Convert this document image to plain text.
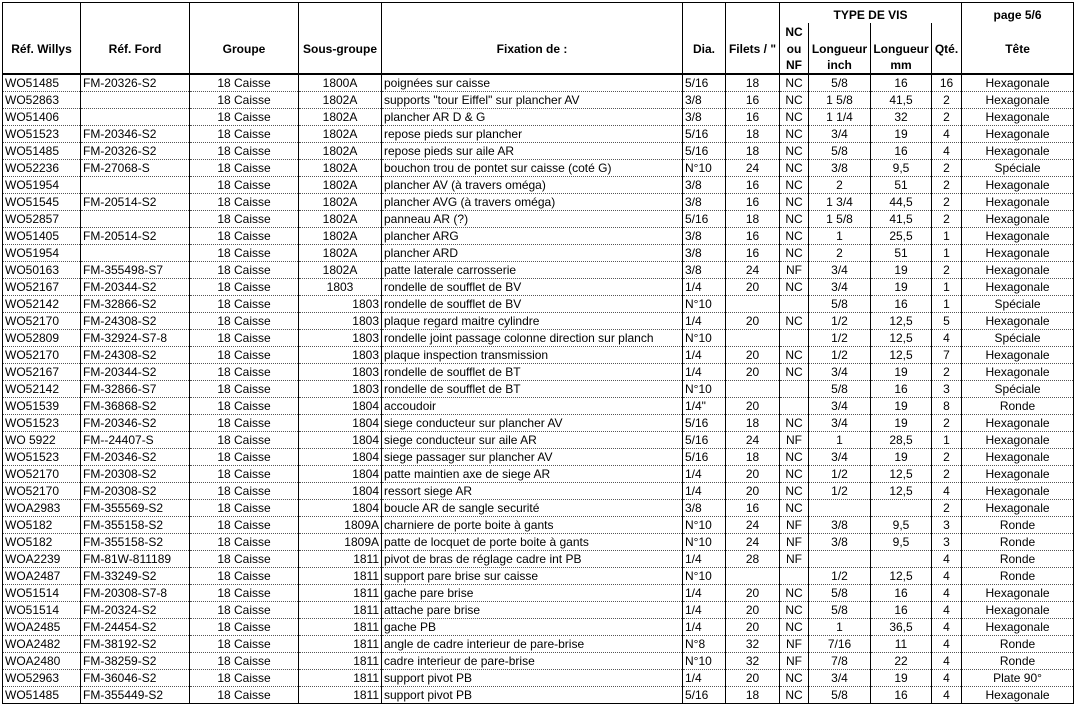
							TYPE DE VIS				page 5/6
							NC				
Réf. Willys	Réf. Ford	Groupe	Sous-groupe	Fixation de :	Dia.	Filets / "	ou	Longueur	Longueur	Qté.	Tête
							NF	inch	mm		
WO51485	FM-20326-S2	18 Caisse	1800A	poignées sur caisse	5/16	18	NC	5/8	16	16	Hexagonale
WO52863		18 Caisse	1802A	supports "tour Eiffel" sur plancher AV	3/8	16	NC	1 5/8	41,5	2	Hexagonale
WO51406		18 Caisse	1802A	plancher AR D & G	3/8	16	NC	1 1/4	32	2	Hexagonale
WO51523	FM-20346-S2	18 Caisse	1802A	repose pieds sur plancher	5/16	18	NC	3/4	19	4	Hexagonale
WO51485	FM-20326-S2	18 Caisse	1802A	repose pieds sur aile AR	5/16	18	NC	5/8	16	4	Hexagonale
WO52236	FM-27068-S	18 Caisse	1802A	bouchon trou de pontet sur caisse (coté G)	N°10	24	NC	3/8	9,5	2	Spéciale
WO51954		18 Caisse	1802A	plancher AV (à travers oméga)	3/8	16	NC	2	51	2	Hexagonale
WO51545	FM-20514-S2	18 Caisse	1802A	plancher AVG (à travers oméga)	3/8	16	NC	1 3/4	44,5	2	Hexagonale
WO52857		18 Caisse	1802A	panneau AR (?)	5/16	18	NC	1 5/8	41,5	2	Hexagonale
WO51405	FM-20514-S2	18 Caisse	1802A	plancher ARG	3/8	16	NC	1	25,5	1	Hexagonale
WO51954		18 Caisse	1802A	plancher ARD	3/8	16	NC	2	51	1	Hexagonale
WO50163	FM-355498-S7	18 Caisse	1802A	patte laterale carrosserie	3/8	24	NF	3/4	19	2	Hexagonale
WO52167	FM-20344-S2	18 Caisse	1803	rondelle de soufflet de BV	1/4	20	NC	3/4	19	1	Hexagonale
WO52142	FM-32866-S2	18 Caisse	1803	rondelle de soufflet de BV	N°10			5/8	16	1	Spéciale
WO52170	FM-24308-S2	18 Caisse	1803	plaque regard maitre cylindre	1/4	20	NC	1/2	12,5	5	Hexagonale
WO52809	FM-32924-S7-8	18 Caisse	1803	rondelle joint passage colonne direction sur planch	N°10			1/2	12,5	4	Spéciale
WO52170	FM-24308-S2	18 Caisse	1803	plaque inspection transmission	1/4	20	NC	1/2	12,5	7	Hexagonale
WO52167	FM-20344-S2	18 Caisse	1803	rondelle de soufflet de BT	1/4	20	NC	3/4	19	2	Hexagonale
WO52142	FM-32866-S7	18 Caisse	1803	rondelle de soufflet de BT	N°10			5/8	16	3	Spéciale
WO51539	FM-36868-S2	18 Caisse	1804	accoudoir	1/4"	20		3/4	19	8	Ronde
WO51523	FM-20346-S2	18 Caisse	1804	siege conducteur sur plancher AV	5/16	18	NC	3/4	19	2	Hexagonale
WO 5922	FM--24407-S	18 Caisse	1804	siege conducteur sur aile AR	5/16	24	NF	1	28,5	1	Hexagonale
WO51523	FM-20346-S2	18 Caisse	1804	siege passager sur plancher AV	5/16	18	NC	3/4	19	2	Hexagonale
WO52170	FM-20308-S2	18 Caisse	1804	patte maintien axe de siege AR	1/4	20	NC	1/2	12,5	2	Hexagonale
WO52170	FM-20308-S2	18 Caisse	1804	ressort siege AR	1/4	20	NC	1/2	12,5	4	Hexagonale
WOA2983	FM-355569-S2	18 Caisse	1804	boucle AR de sangle securité	3/8	16	NC			2	Hexagonale
WO5182	FM-355158-S2	18 Caisse	1809A	charniere de porte boite à gants	N°10	24	NF	3/8	9,5	3	Ronde
WO5182	FM-355158-S2	18 Caisse	1809A	patte de locquet de porte boite à gants	N°10	24	NF	3/8	9,5	3	Ronde
WOA2239	FM-81W-811189	18 Caisse	1811	pivot de bras de réglage cadre int PB	1/4	28	NF			4	Ronde
WOA2487	FM-33249-S2	18 Caisse	1811	support pare brise sur caisse	N°10			1/2	12,5	4	Ronde
WO51514	FM-20308-S7-8	18 Caisse	1811	gache pare brise	1/4	20	NC	5/8	16	4	Hexagonale
WO51514	FM-20324-S2	18 Caisse	1811	attache pare brise	1/4	20	NC	5/8	16	4	Hexagonale
WOA2485	FM-24454-S2	18 Caisse	1811	gache PB	1/4	20	NC	1	36,5	4	Hexagonale
WOA2482	FM-38192-S2	18 Caisse	1811	angle de cadre interieur de pare-brise	N°8	32	NF	7/16	11	4	Ronde
WOA2480	FM-38259-S2	18 Caisse	1811	cadre interieur de pare-brise	N°10	32	NF	7/8	22	4	Ronde
WO52963	FM-36046-S2	18 Caisse	1811	support pivot PB	1/4	20	NC	3/4	19	4	Plate 90°
WO51485	FM-355449-S2	18 Caisse	1811	support pivot PB	5/16	18	NC	5/8	16	4	Hexagonale
